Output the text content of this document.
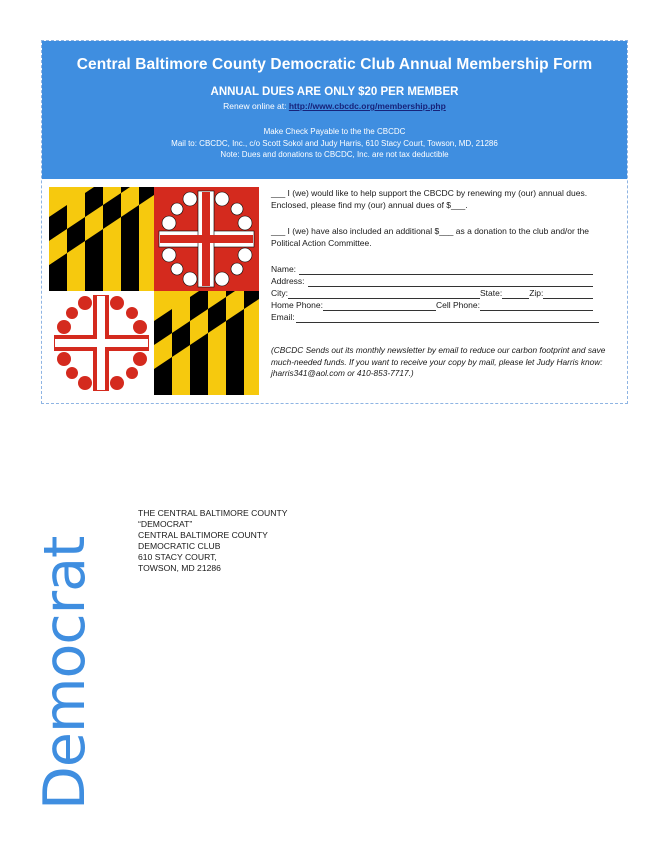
Central Baltimore County Democratic Club Annual Membership Form
ANNUAL DUES ARE ONLY $20 PER MEMBER
Renew online at: http://www.cbcdc.org/membership.php
Make Check Payable to the the CBCDC
Mail to: CBCDC, Inc., c/o Scott Sokol and Judy Harris, 610 Stacy Court, Towson, MD, 21286
Note: Dues and donations to CBCDC, Inc. are not tax deductible

___ I (we) would like to help support the CBCDC by renewing my (our) annual dues. Enclosed, please find my (our) annual dues of $___.

___ I (we) have also included an additional $___ as a donation to the club and/or the Political Action Committee.

Name:
Address:
City:	State:	Zip:
Home Phone:	Cell Phone:
Email:

(CBCDC Sends out its monthly newsletter by email to reduce our carbon footprint and save much-needed funds. If you want to receive your copy by mail, please let Judy Harris know: jharris341@aol.com or 410-853-7717.)

Democrat
THE CENTRAL BALTIMORE COUNTY
“DEMOCRAT”
CENTRAL BALTIMORE COUNTY
DEMOCRATIC CLUB
610 STACY COURT,
TOWSON, MD 21286
